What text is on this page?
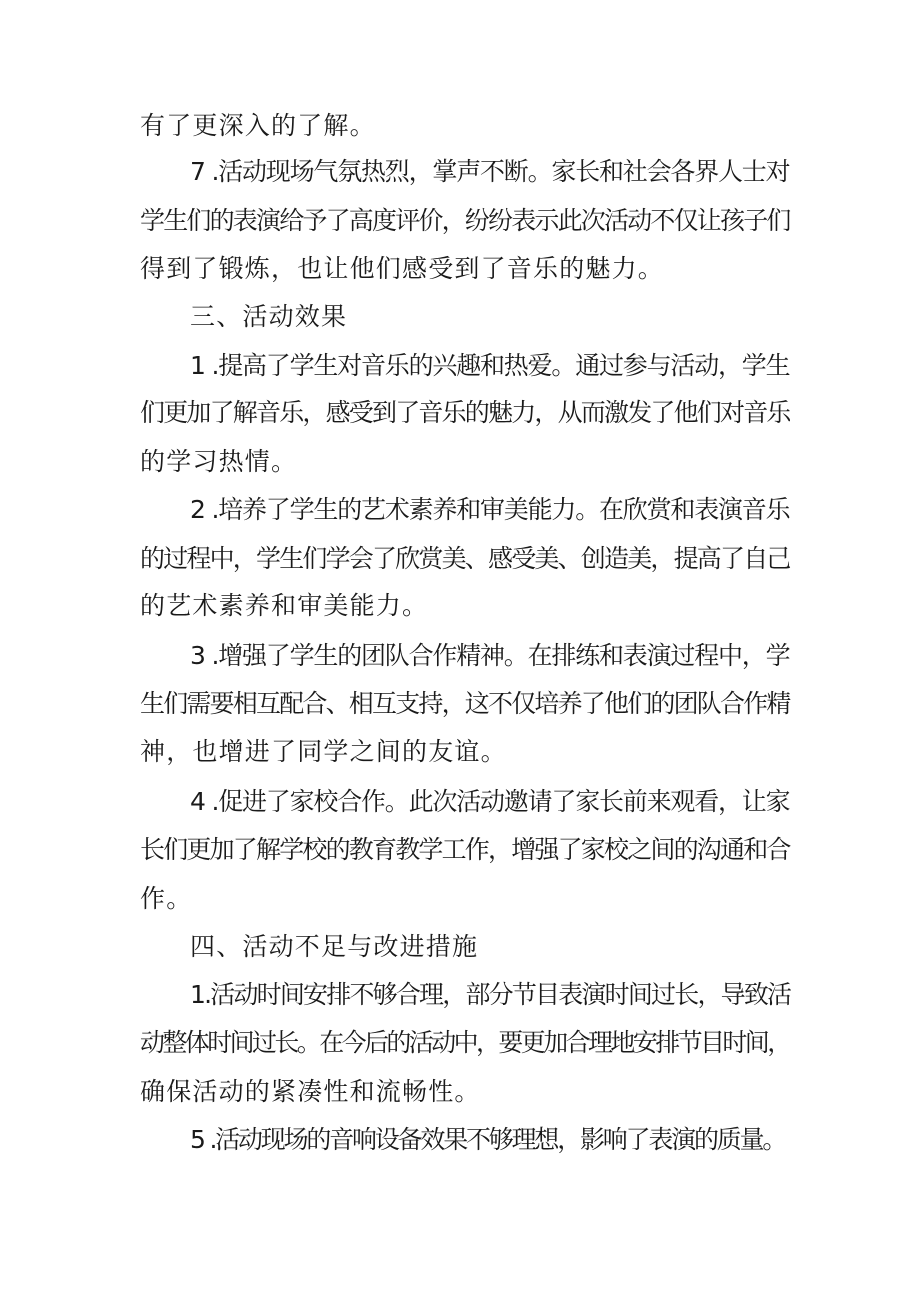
有了更深入的了解。
7 .活动现场气氛热烈，掌声不断。家长和社会各界人士对
学生们的表演给予了高度评价，纷纷表示此次活动不仅让孩子们
得到了锻炼，也让他们感受到了音乐的魅力。
三、活动效果
1 .提高了学生对音乐的兴趣和热爱。通过参与活动，学生
们更加了解音乐，感受到了音乐的魅力，从而激发了他们对音乐
的学习热情。
2 .培养了学生的艺术素养和审美能力。在欣赏和表演音乐
的过程中，学生们学会了欣赏美、感受美、创造美，提高了自己
的艺术素养和审美能力。
3 .增强了学生的团队合作精神。在排练和表演过程中，学
生们需要相互配合、相互支持，这不仅培养了他们的团队合作精
神，也增进了同学之间的友谊。
4 .促进了家校合作。此次活动邀请了家长前来观看，让家
长们更加了解学校的教育教学工作，增强了家校之间的沟通和合
作。
四、活动不足与改进措施
1.活动时间安排不够合理，部分节目表演时间过长，导致活
动整体时间过长。在今后的活动中，要更加合理地安排节目时间，
确保活动的紧凑性和流畅性。
5 .活动现场的音响设备效果不够理想，影响了表演的质量。
